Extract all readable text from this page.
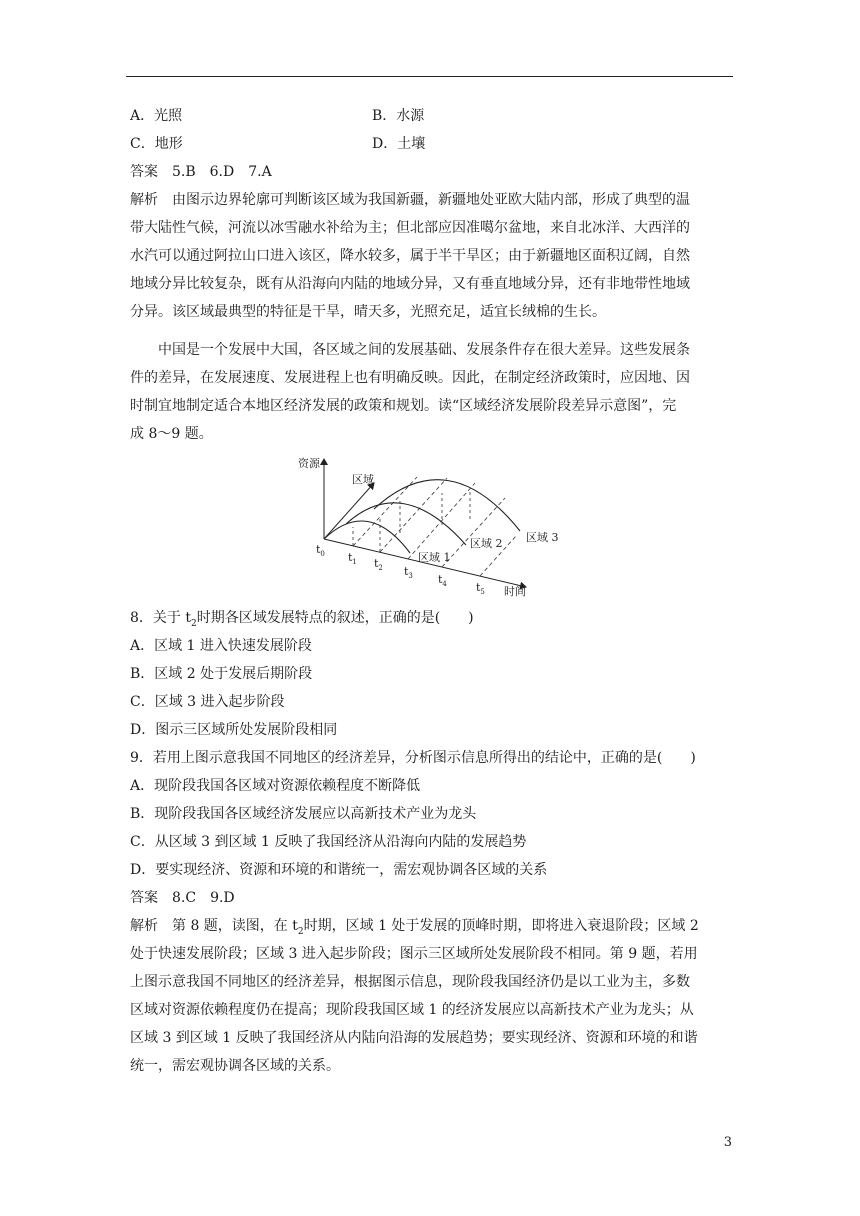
A．光照	B．水源
C．地形	D．土壤
答案　5.B　6.D　7.A
解析　由图示边界轮廓可判断该区域为我国新疆，新疆地处亚欧大陆内部，形成了典型的温
带大陆性气候，河流以冰雪融水补给为主；但北部应因准噶尔盆地，来自北冰洋、大西洋的
水汽可以通过阿拉山口进入该区，降水较多，属于半干旱区；由于新疆地区面积辽阔，自然
地域分异比较复杂，既有从沿海向内陆的地域分异，又有垂直地域分异，还有非地带性地域
分异。该区域最典型的特征是干旱，晴天多，光照充足，适宜长绒棉的生长。
　　中国是一个发展中大国，各区域之间的发展基础、发展条件存在很大差异。这些发展条
件的差异，在发展速度、发展进程上也有明确反映。因此，在制定经济政策时，应因地、因
时制宜地制定适合本地区经济发展的政策和规划。读“区域经济发展阶段差异示意图”，完
成 8～9 题。
资源
区域
时间
$t_0$ $t_1$ $t_2$ $t_3$ $t_4$	$t_5$
区域 1
区域 2 区域 3
8．关于 $t_2$时期各区域发展特点的叙述，正确的是(　　)
A．区域 1 进入快速发展阶段
B．区域 2 处于发展后期阶段
C．区域 3 进入起步阶段
D．图示三区域所处发展阶段相同
9．若用上图示意我国不同地区的经济差异，分析图示信息所得出的结论中，正确的是(　　)
A．现阶段我国各区域对资源依赖程度不断降低
B．现阶段我国各区域经济发展应以高新技术产业为龙头
C．从区域 3 到区域 1 反映了我国经济从沿海向内陆的发展趋势
D．要实现经济、资源和环境的和谐统一，需宏观协调各区域的关系
答案　8.C　9.D
解析　第 8 题，读图，在 $t_2$时期，区域 1 处于发展的顶峰时期，即将进入衰退阶段；区域 2
处于快速发展阶段；区域 3 进入起步阶段；图示三区域所处发展阶段不相同。第 9 题，若用
上图示意我国不同地区的经济差异，根据图示信息，现阶段我国经济仍是以工业为主，多数
区域对资源依赖程度仍在提高；现阶段我国区域 1 的经济发展应以高新技术产业为龙头；从
区域 3 到区域 1 反映了我国经济从内陆向沿海的发展趋势；要实现经济、资源和环境的和谐
统一，需宏观协调各区域的关系。
3
